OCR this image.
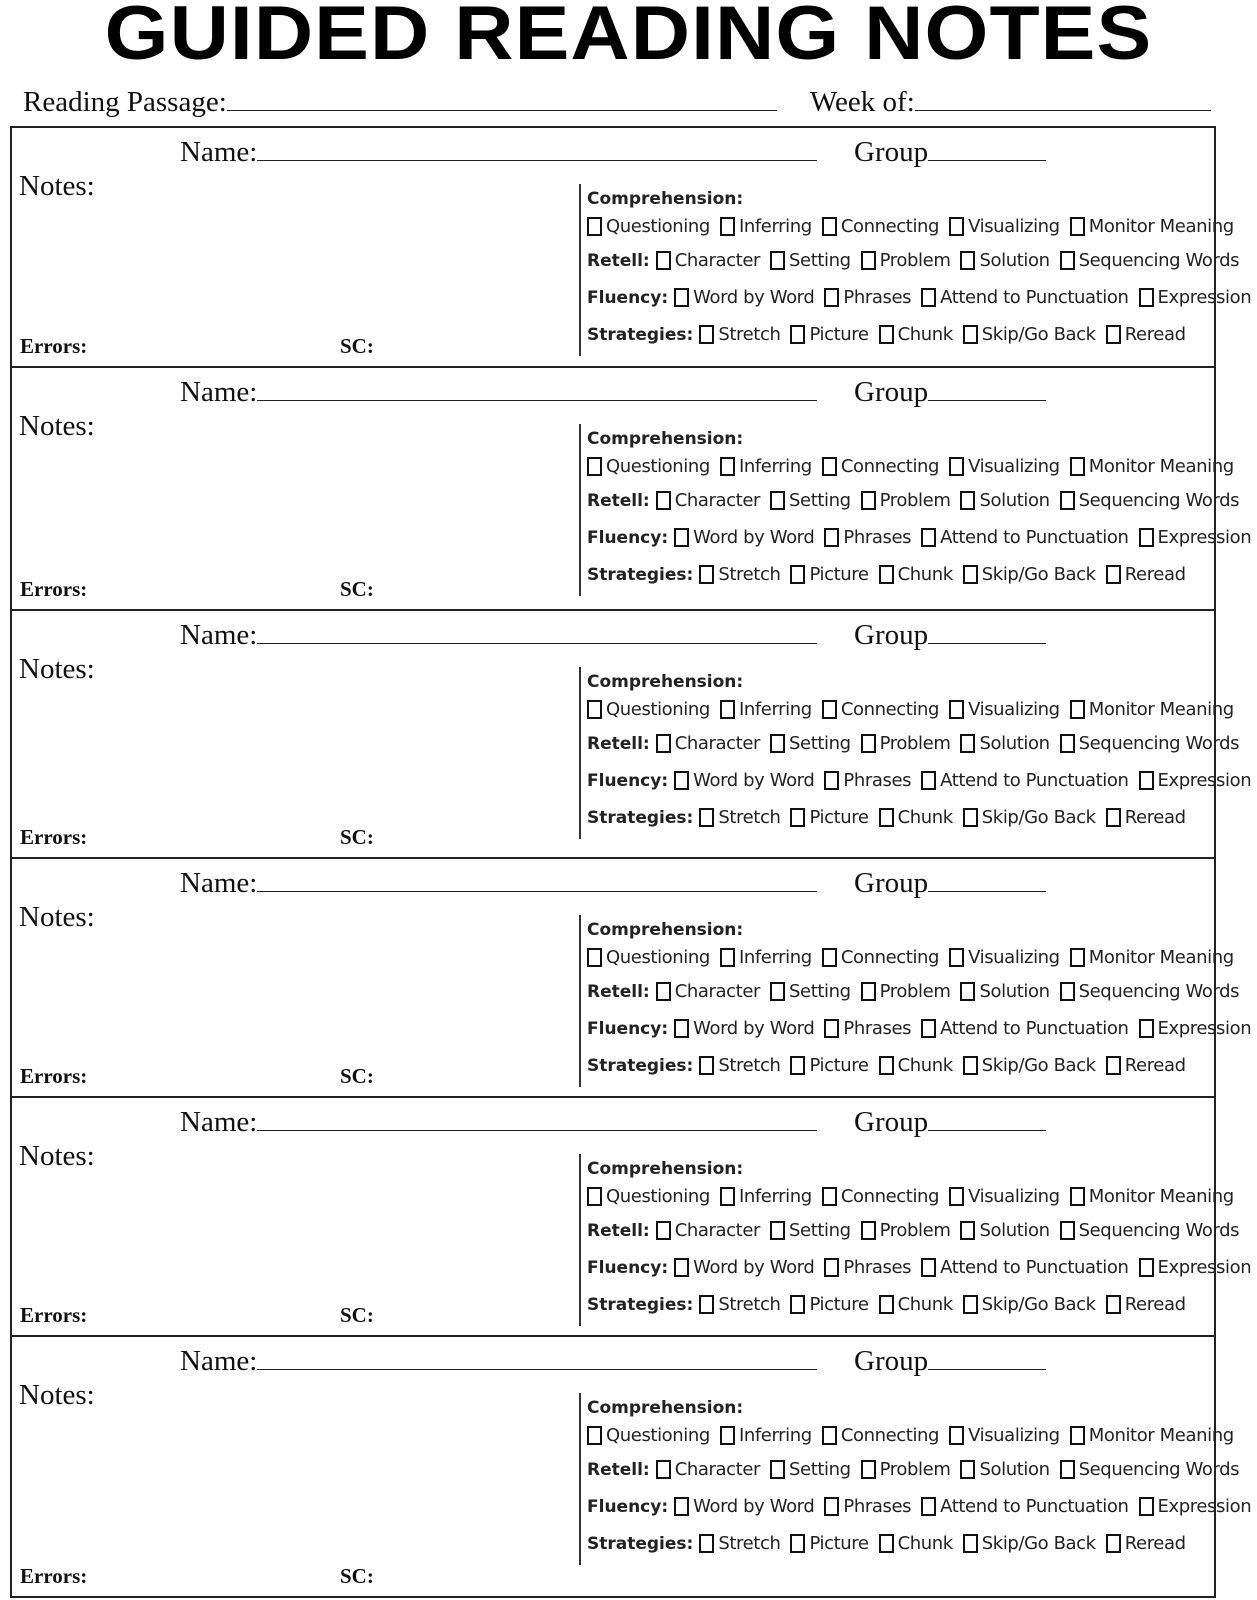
GUIDED READING NOTES
Reading Passage:	Week of:
Name:	Group
Notes:
Errors:	SC:
Comprehension:
Questioning Inferring Connecting Visualizing Monitor Meaning
Retell: Character Setting Problem Solution Sequencing Words
Fluency: Word by Word Phrases Attend to Punctuation Expression
Strategies: Stretch Picture Chunk Skip/Go Back Reread
Name:	Group
Notes:
Errors:	SC:
Comprehension:
Questioning Inferring Connecting Visualizing Monitor Meaning
Retell: Character Setting Problem Solution Sequencing Words
Fluency: Word by Word Phrases Attend to Punctuation Expression
Strategies: Stretch Picture Chunk Skip/Go Back Reread
Name:	Group
Notes:
Errors:	SC:
Comprehension:
Questioning Inferring Connecting Visualizing Monitor Meaning
Retell: Character Setting Problem Solution Sequencing Words
Fluency: Word by Word Phrases Attend to Punctuation Expression
Strategies: Stretch Picture Chunk Skip/Go Back Reread
Name:	Group
Notes:
Errors:	SC:
Comprehension:
Questioning Inferring Connecting Visualizing Monitor Meaning
Retell: Character Setting Problem Solution Sequencing Words
Fluency: Word by Word Phrases Attend to Punctuation Expression
Strategies: Stretch Picture Chunk Skip/Go Back Reread
Name:	Group
Notes:
Errors:	SC:
Comprehension:
Questioning Inferring Connecting Visualizing Monitor Meaning
Retell: Character Setting Problem Solution Sequencing Words
Fluency: Word by Word Phrases Attend to Punctuation Expression
Strategies: Stretch Picture Chunk Skip/Go Back Reread
Name:	Group
Notes:
Errors:	SC:
Comprehension:
Questioning Inferring Connecting Visualizing Monitor Meaning
Retell: Character Setting Problem Solution Sequencing Words
Fluency: Word by Word Phrases Attend to Punctuation Expression
Strategies: Stretch Picture Chunk Skip/Go Back Reread
